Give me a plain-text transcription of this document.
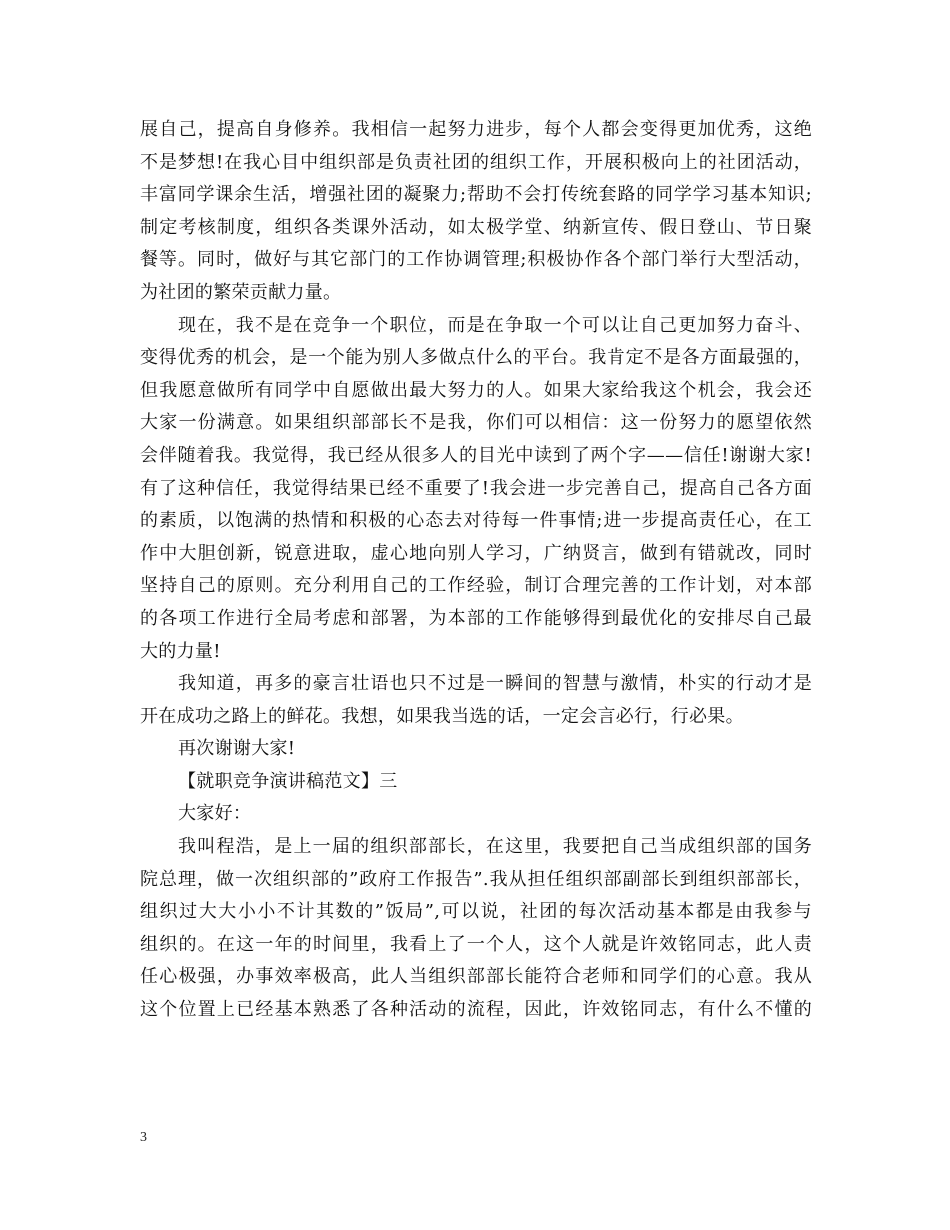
展自己，提高自身修养。我相信一起努力进步，每个人都会变得更加优秀，这绝
不是梦想!在我心目中组织部是负责社团的组织工作，开展积极向上的社团活动，
丰富同学课余生活，增强社团的凝聚力;帮助不会打传统套路的同学学习基本知识;
制定考核制度，组织各类课外活动，如太极学堂、纳新宣传、假日登山、节日聚
餐等。同时，做好与其它部门的工作协调管理;积极协作各个部门举行大型活动，
为社团的繁荣贡献力量。
现在，我不是在竞争一个职位，而是在争取一个可以让自己更加努力奋斗、
变得优秀的机会，是一个能为别人多做点什么的平台。我肯定不是各方面最强的，
但我愿意做所有同学中自愿做出最大努力的人。如果大家给我这个机会，我会还
大家一份满意。如果组织部部长不是我，你们可以相信：这一份努力的愿望依然
会伴随着我。我觉得，我已经从很多人的目光中读到了两个字——信任!谢谢大家!
有了这种信任，我觉得结果已经不重要了!我会进一步完善自己，提高自己各方面
的素质，以饱满的热情和积极的心态去对待每一件事情;进一步提高责任心，在工
作中大胆创新，锐意进取，虚心地向别人学习，广纳贤言，做到有错就改，同时
坚持自己的原则。充分利用自己的工作经验，制订合理完善的工作计划，对本部
的各项工作进行全局考虑和部署，为本部的工作能够得到最优化的安排尽自己最
大的力量!
我知道，再多的豪言壮语也只不过是一瞬间的智慧与激情，朴实的行动才是
开在成功之路上的鲜花。我想，如果我当选的话，一定会言必行，行必果。
再次谢谢大家!
【就职竞争演讲稿范文】三
大家好：
我叫程浩，是上一届的组织部部长，在这里，我要把自己当成组织部的国务
院总理，做一次组织部的”政府工作报告”.我从担任组织部副部长到组织部部长，
组织过大大小小不计其数的”饭局”,可以说，社团的每次活动基本都是由我参与
组织的。在这一年的时间里，我看上了一个人，这个人就是许效铭同志，此人责
任心极强，办事效率极高，此人当组织部部长能符合老师和同学们的心意。我从
这个位置上已经基本熟悉了各种活动的流程，因此，许效铭同志，有什么不懂的
3
